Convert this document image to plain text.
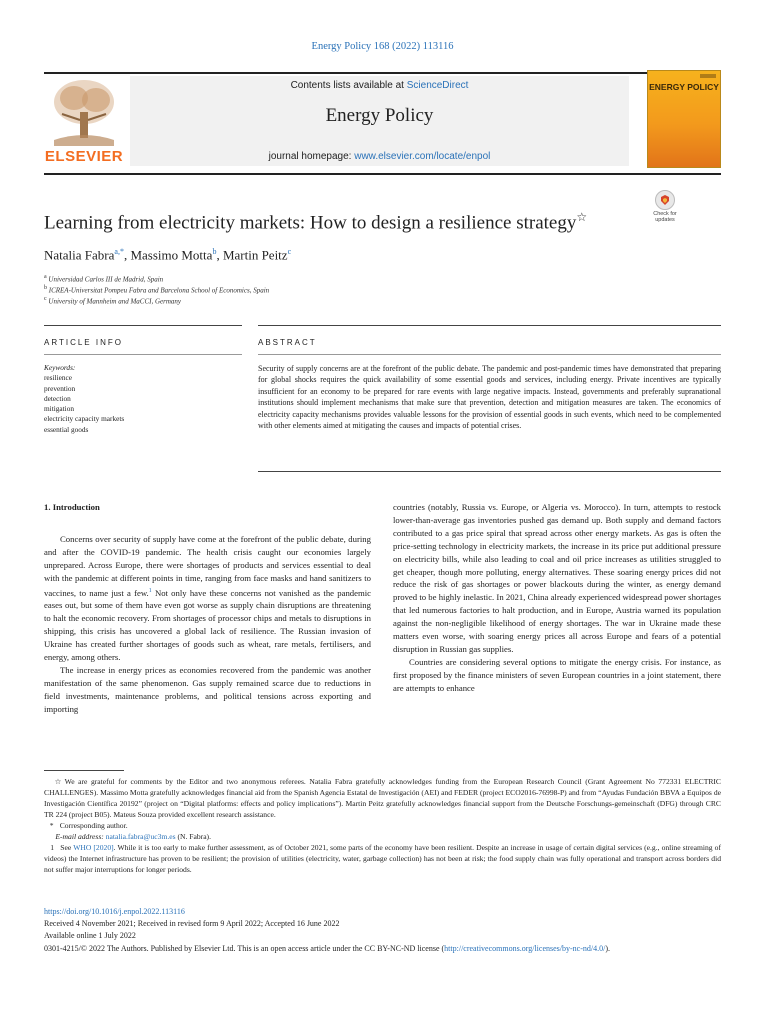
Energy Policy 168 (2022) 113116
ELSEVIER
Contents lists available at ScienceDirect
Energy Policy
journal homepage: www.elsevier.com/locate/enpol
ENERGY POLICY
Learning from electricity markets: How to design a resilience strategy☆	Check for updates
Natalia Fabra$^{a,*}$, Massimo Motta$^b$, Martin Peitz$^c$
$^a$ Universidad Carlos III de Madrid, Spain
$^b$ ICREA-Universitat Pompeu Fabra and Barcelona School of Economics, Spain
$^c$ University of Mannheim and MaCCI, Germany
ARTICLE INFO	ABSTRACT
Keywords:
resilience
prevention
detection
mitigation
electricity capacity markets
essential goods
Security of supply concerns are at the forefront of the public debate. The pandemic and post-pandemic times have demonstrated that preparing for global shocks requires the quick availability of some essential goods and services, including energy. Private incentives are typically insufficient for an economy to be prepared for rare events with large negative impacts. Instead, governments and preferably supranational institutions should implement mechanisms that make sure that prevention, detection and mitigation measures are taken. The economics of electricity capacity mechanisms provides valuable lessons for the provision of essential goods in such events, which need to be complemented with other elements aimed at mitigating the causes and impacts of potential crises.
1. Introduction

Concerns over security of supply have come at the forefront of the public debate, during and after the COVID-19 pandemic. The health crisis caught our economies largely unprepared. Across Europe, there were shortages of products and services essential to deal with the pandemic at different points in time, ranging from face masks and hand sanitizers to vaccines, to name just a few.$^1$ Not only have these concerns not vanished as the pandemic eases out, but some of them have even got worse as supply chain disruptions are threatening to halt the economic recovery. From shortages of processor chips and metals to disruptions in shipping, this crisis has uncovered a global lack of resilience. The Russian invasion of Ukraine has created further shortages of goods such as wheat, rare metals, fertilisers, and energy, among others.

The increase in energy prices as economies recovered from the pandemic was another manifestation of the same phenomenon. Gas supply remained scarce due to reductions in field investments, maintenance problems, and political tensions across exporting and importing

countries (notably, Russia vs. Europe, or Algeria vs. Morocco). In turn, attempts to restock lower-than-average gas inventories pushed gas demand up. Both supply and demand factors contributed to a gas price spiral that spread across other energy markets. As gas is often the price-setting technology in electricity markets, the increase in its price put additional pressure on electricity bills, while also leading to coal and oil price increases as utilities struggled to get cheaper, though more polluting, energy alternatives. These soaring energy prices did not reduce the risk of gas shortages or power blackouts during the winter, as energy demand proved to be highly inelastic. In 2021, China already experienced widespread power shortages that led numerous factories to halt production, and in Europe, Austria warned its population against the non-negligible likelihood of energy shortages. The war in Ukraine made these matters even worse, with soaring energy prices all across Europe and fears of a potential disruption in Russian gas supplies.

Countries are considering several options to mitigate the energy crisis. For instance, as first proposed by the finance ministers of seven European countries in a joint statement, there are attempts to enhance

☆ We are grateful for comments by the Editor and two anonymous referees. Natalia Fabra gratefully acknowledges funding from the European Research Council (Grant Agreement No 772331 ELECTRIC CHALLENGES). Massimo Motta gratefully acknowledges financial aid from the Spanish Agencia Estatal de Investigación (AEI) and FEDER (project ECO2016-76998-P) and from “Ayudas Fundación BBVA a Equipos de Investigación Científica 20192” (project on “Digital platforms: effects and policy implications”). Martin Peitz gratefully acknowledges financial support from the Deutsche Forschungs-gemeinschaft (DFG) through CRC TR 224 (project B05). Mateus Souza provided excellent research assistance.

* Corresponding author.

E-mail address: natalia.fabra@uc3m.es (N. Fabra).

1 See WHO [2020]. While it is too early to make further assessment, as of October 2021, some parts of the economy have been resilient. Despite an increase in usage of certain digital services (e.g., online streaming of videos) the Internet infrastructure has proven to be resilient; the provision of utilities (electricity, water, garbage collection) has not been at risk; the food supply chain was fully operational and transport across borders did not suffer major interruptions for longer periods.

https://doi.org/10.1016/j.enpol.2022.113116
Received 4 November 2021; Received in revised form 9 April 2022; Accepted 16 June 2022
Available online 1 July 2022
0301-4215/© 2022 The Authors. Published by Elsevier Ltd. This is an open access article under the CC BY-NC-ND license (http://creativecommons.org/licenses/by-nc-nd/4.0/).
